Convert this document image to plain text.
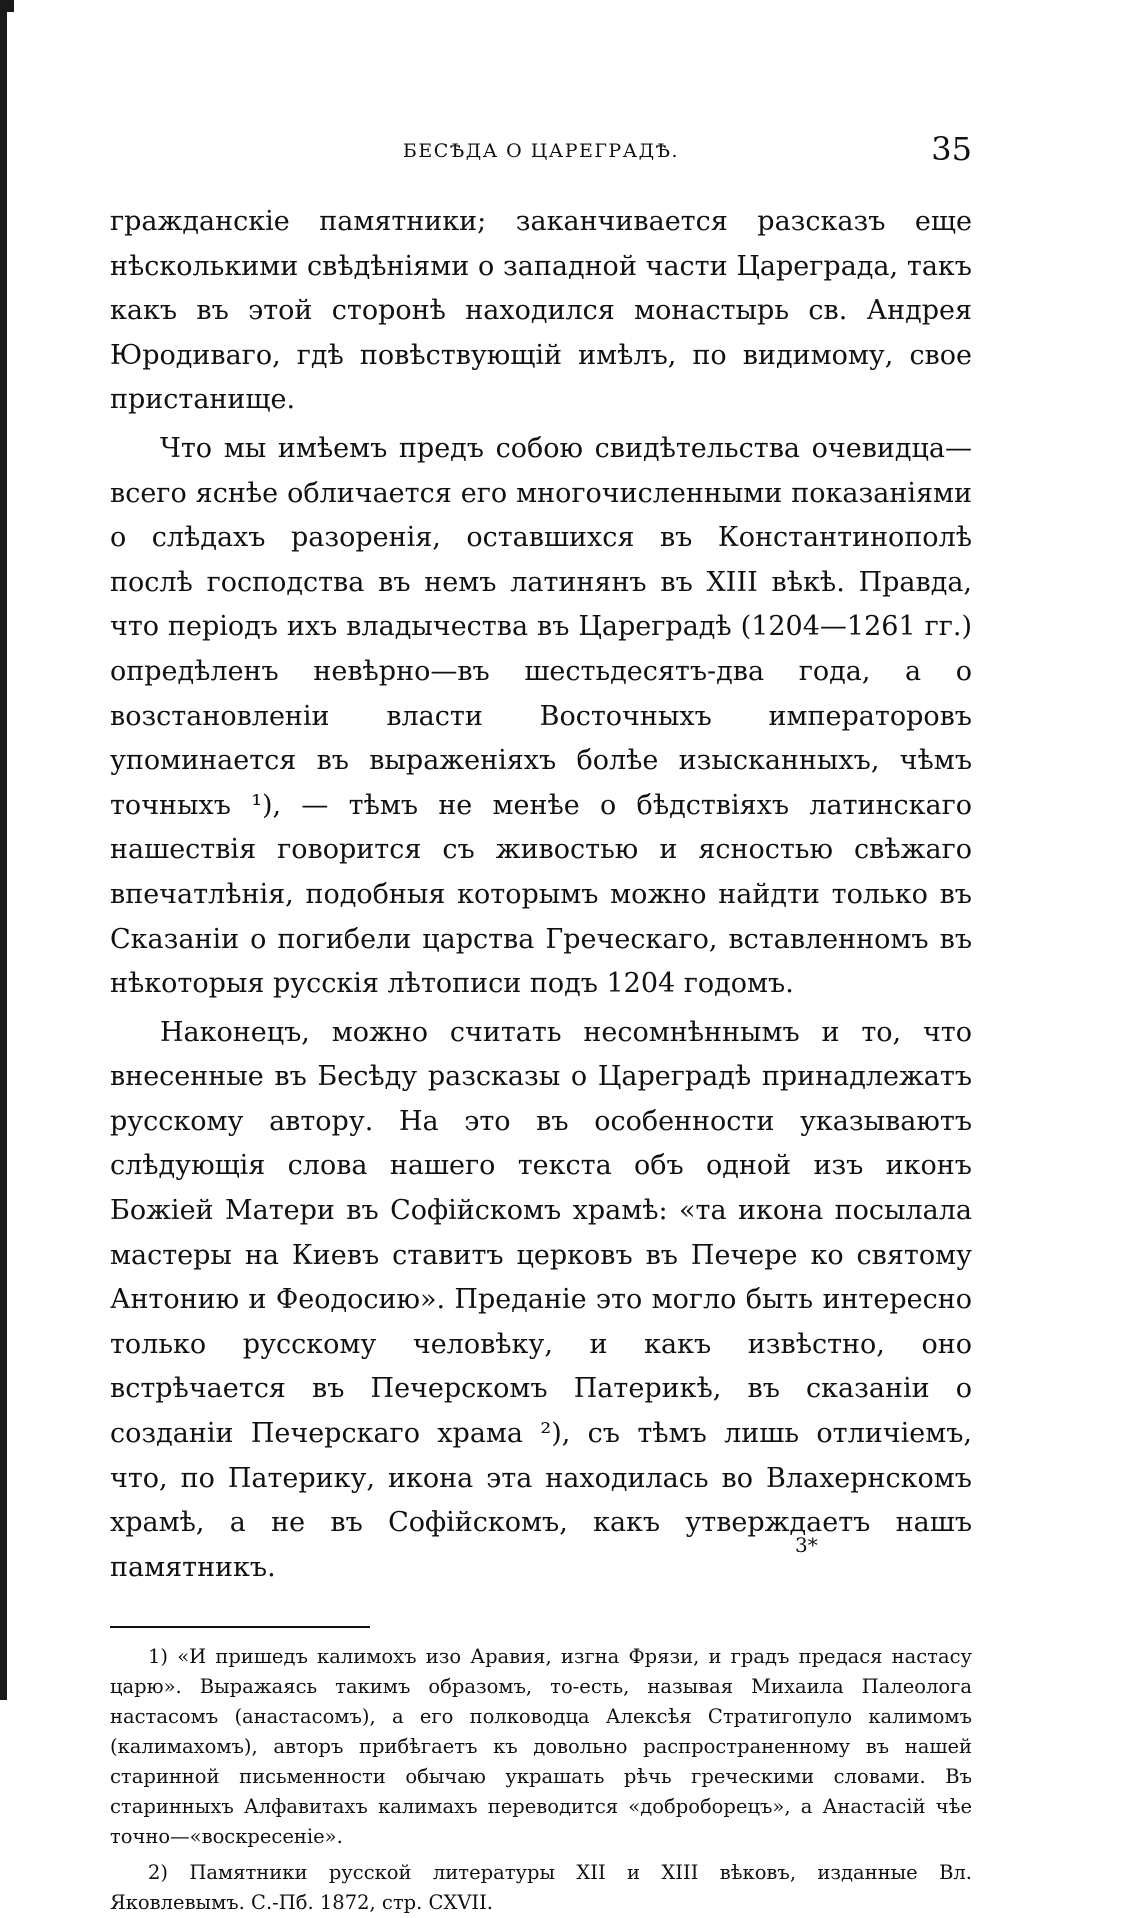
БЕСѢДА О ЦАРЕГРАДѢ.	35

гражданскіе памятники; заканчивается разсказъ еще нѣсколькими свѣдѣніями о западной части Цареграда, такъ какъ въ этой сторонѣ находился монастырь св. Андрея Юродиваго, гдѣ повѣствующій имѣлъ, по видимому, свое пристанище.

Что мы имѣемъ предъ собою свидѣтельства очевидца—всего яснѣе обличается его многочисленными показаніями о слѣдахъ разоренія, оставшихся въ Константинополѣ послѣ господства въ немъ латинянъ въ XIII вѣкѣ. Правда, что періодъ ихъ владычества въ Цареградѣ (1204—1261 гг.) опредѣленъ невѣрно—въ шестьдесятъ-два года, а о возстановленіи власти Восточныхъ императоровъ упоминается въ выраженіяхъ болѣе изысканныхъ, чѣмъ точныхъ ¹), — тѣмъ не менѣе о бѣдствіяхъ латинскаго нашествія говорится съ живостью и ясностью свѣжаго впечатлѣнія, подобныя которымъ можно найдти только въ Сказаніи о погибели царства Греческаго, вставленномъ въ нѣкоторыя русскія лѣтописи подъ 1204 годомъ.

Наконецъ, можно считать несомнѣннымъ и то, что внесенные въ Бесѣду разсказы о Цареградѣ принадлежатъ русскому автору. На это въ особенности указываютъ слѣдующія слова нашего текста объ одной изъ иконъ Божіей Матери въ Софійскомъ храмѣ: «та икона посылала мастеры на Киевъ ставитъ церковъ въ Печере ко святому Антонию и Феодосию». Преданіе это могло быть интересно только русскому человѣку, и какъ извѣстно, оно встрѣчается въ Печерскомъ Патерикѣ, въ сказаніи о созданіи Печерскаго храма ²), съ тѣмъ лишь отличіемъ, что, по Патерику, икона эта находилась во Влахернскомъ храмѣ, а не въ Софійскомъ, какъ утверждаетъ нашъ памятникъ.

1) «И пришедъ калимохъ изо Аравия, изгна Фрязи, и градъ предася настасу царю». Выражаясь такимъ образомъ, то-есть, называя Михаила Палеолога настасомъ (анастасомъ), а его полководца Алексѣя Стратигопуло калимомъ (калимахомъ), авторъ прибѣгаетъ къ довольно распространенному въ нашей старинной письменности обычаю украшать рѣчь греческими словами. Въ старинныхъ Алфавитахъ калимахъ переводится «доброборецъ», а Анастасій чѣе точно—«воскресеніе».

2) Памятники русской литературы XII и XIII вѣковъ, изданные Вл. Яковлевымъ. С.-Пб. 1872, стр. CXVII.

3*
